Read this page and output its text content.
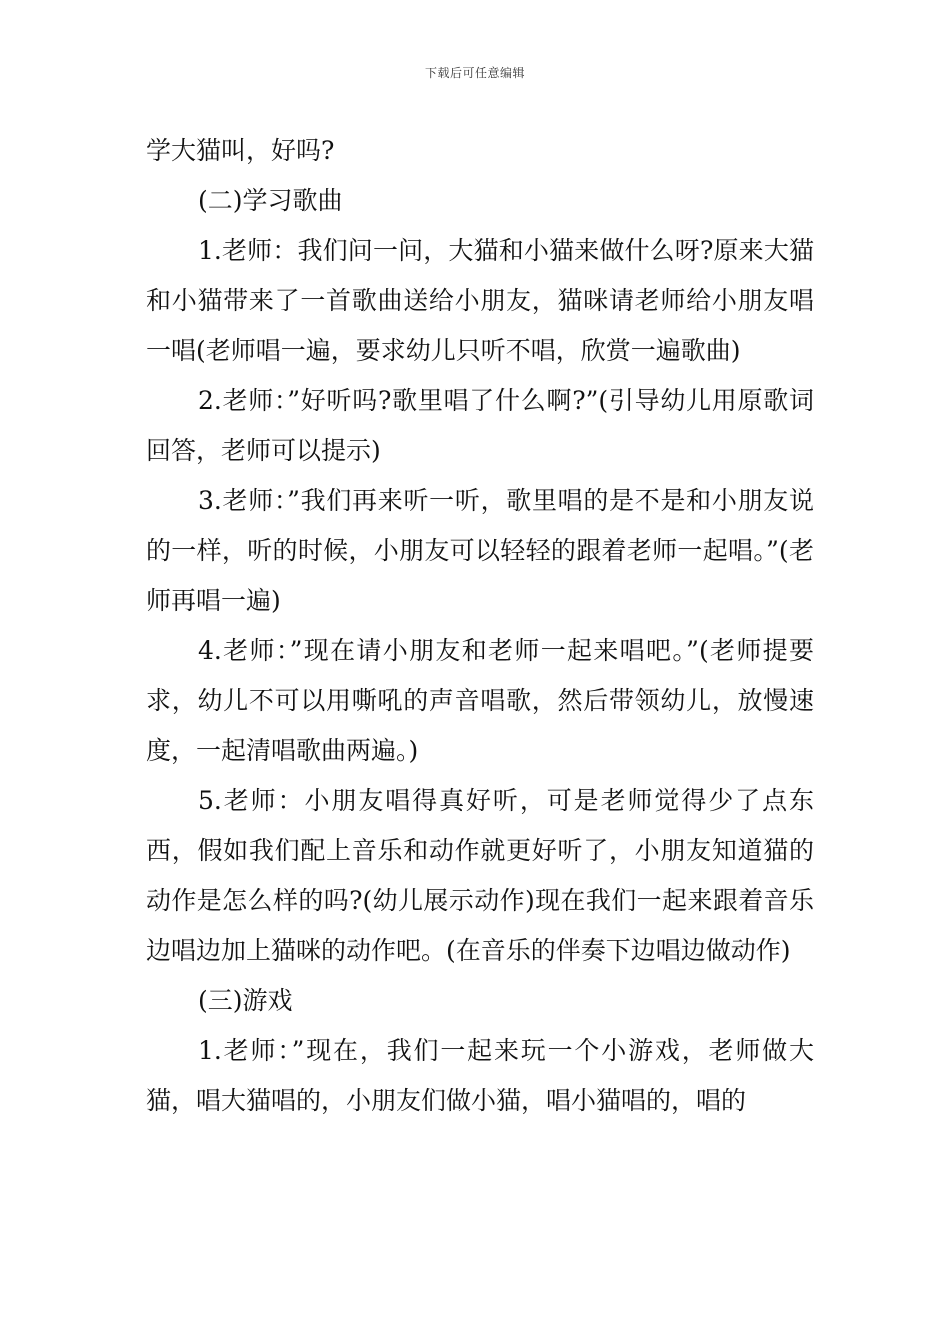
下载后可任意编辑

学大猫叫，好吗?

(二)学习歌曲

1.老师：我们问一问，大猫和小猫来做什么呀?原来大猫和小猫带来了一首歌曲送给小朋友，猫咪请老师给小朋友唱一唱(老师唱一遍，要求幼儿只听不唱，欣赏一遍歌曲)

2.老师：”好听吗?歌里唱了什么啊?”(引导幼儿用原歌词回答，老师可以提示)

3.老师：”我们再来听一听，歌里唱的是不是和小朋友说的一样，听的时候，小朋友可以轻轻的跟着老师一起唱。”(老师再唱一遍)

4.老师：”现在请小朋友和老师一起来唱吧。”(老师提要求，幼儿不可以用嘶吼的声音唱歌，然后带领幼儿，放慢速度，一起清唱歌曲两遍。)

5.老师：小朋友唱得真好听，可是老师觉得少了点东西，假如我们配上音乐和动作就更好听了，小朋友知道猫的动作是怎么样的吗?(幼儿展示动作)现在我们一起来跟着音乐边唱边加上猫咪的动作吧。(在音乐的伴奏下边唱边做动作)

(三)游戏

1.老师：”现在，我们一起来玩一个小游戏，老师做大猫，唱大猫唱的，小朋友们做小猫，唱小猫唱的，唱的
